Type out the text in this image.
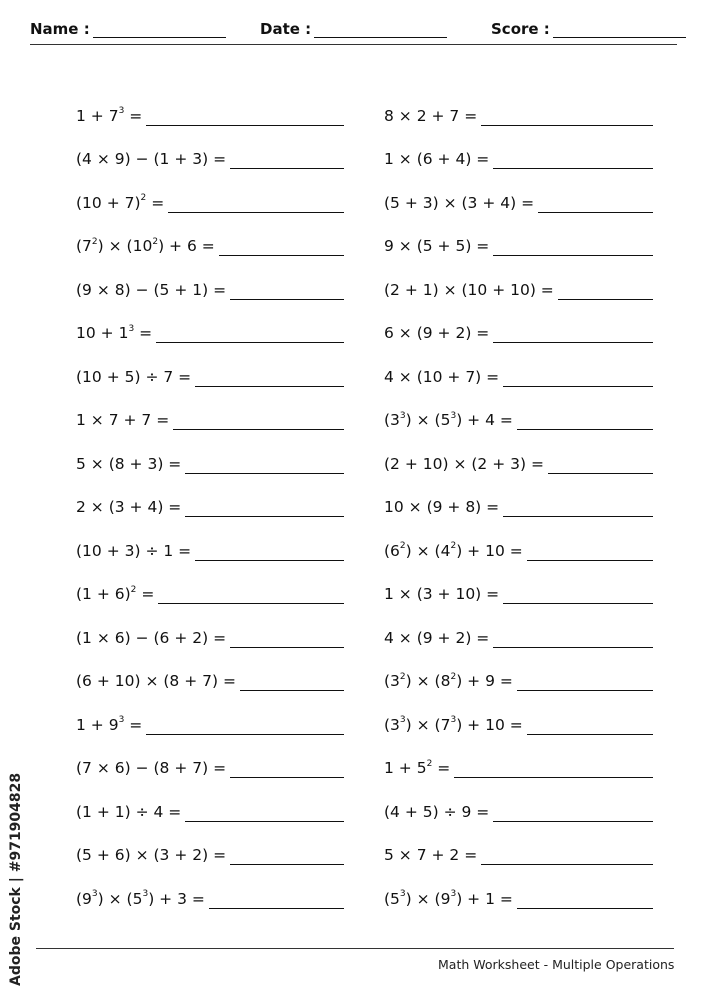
Name :	Date :	Score :
$1 + 7^3$ =
(4 × 9) − (1 + 3) =
$(10 + 7)^2$ =
$(7^2) \times (10^2) + 6$ =
(9 × 8) − (5 + 1) =
$10 + 1^3$ =
(10 + 5) ÷ 7 =
1 × 7 + 7 =
5 × (8 + 3) =
2 × (3 + 4) =
(10 + 3) ÷ 1 =
$(1 + 6)^2$ =
(1 × 6) − (6 + 2) =
(6 + 10) × (8 + 7) =
$1 + 9^3$ =
(7 × 6) − (8 + 7) =
(1 + 1) ÷ 4 =
(5 + 6) × (3 + 2) =
$(9^3) \times (5^3) + 3$ =
8 × 2 + 7 =
1 × (6 + 4) =
(5 + 3) × (3 + 4) =
9 × (5 + 5) =
(2 + 1) × (10 + 10) =
6 × (9 + 2) =
4 × (10 + 7) =
$(3^3) \times (5^3) + 4$ =
(2 + 10) × (2 + 3) =
10 × (9 + 8) =
$(6^2) \times (4^2) + 10$ =
1 × (3 + 10) =
4 × (9 + 2) =
$(3^2) \times (8^2) + 9$ =
$(3^3) \times (7^3) + 10$ =
$1 + 5^2$ =
(4 + 5) ÷ 9 =
5 × 7 + 2 =
$(5^3) \times (9^3) + 1$ =
Adobe Stock | #971904828	Math Worksheet - Multiple Operations
